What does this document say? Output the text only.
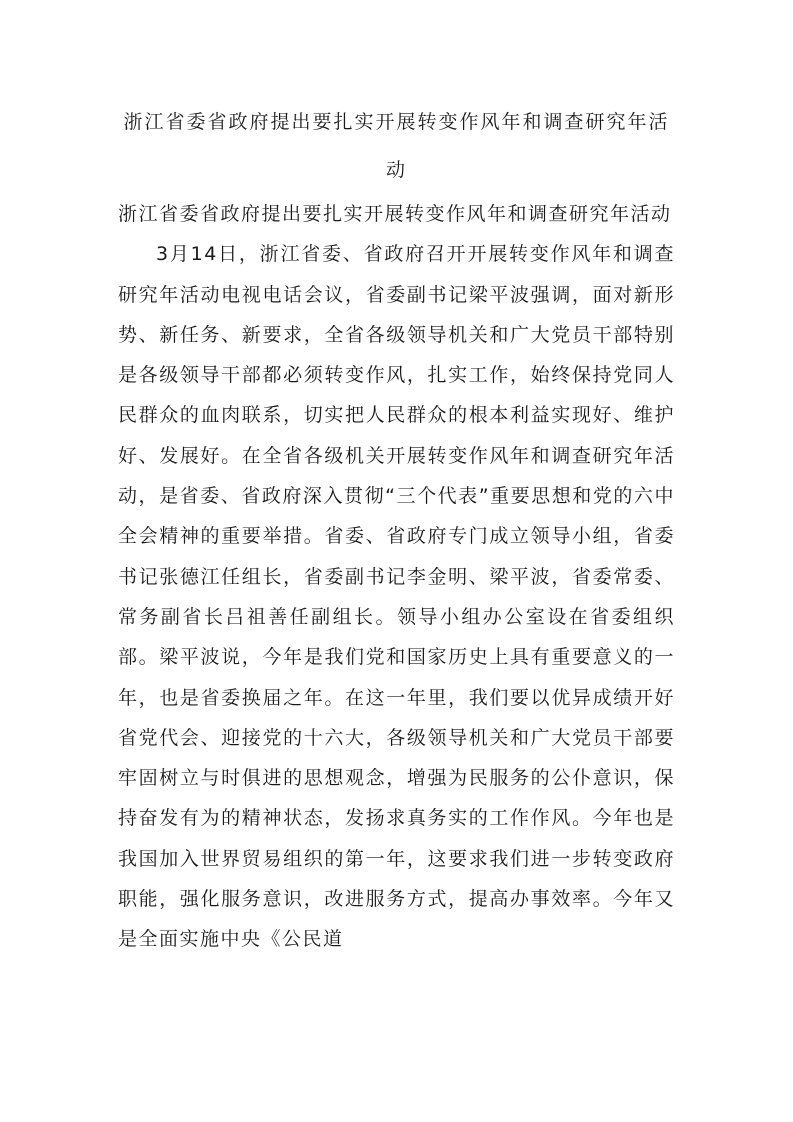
浙江省委省政府提出要扎实开展转变作风年和调查研究年活动

浙江省委省政府提出要扎实开展转变作风年和调查研究年活动

3月14日，浙江省委、省政府召开开展转变作风年和调查研究年活动电视电话会议，省委副书记梁平波强调，面对新形势、新任务、新要求，全省各级领导机关和广大党员干部特别是各级领导干部都必须转变作风，扎实工作，始终保持党同人民群众的血肉联系，切实把人民群众的根本利益实现好、维护好、发展好。在全省各级机关开展转变作风年和调查研究年活动，是省委、省政府深入贯彻“三个代表”重要思想和党的六中全会精神的重要举措。省委、省政府专门成立领导小组，省委书记张德江任组长，省委副书记李金明、梁平波，省委常委、常务副省长吕祖善任副组长。领导小组办公室设在省委组织部。梁平波说，今年是我们党和国家历史上具有重要意义的一年，也是省委换届之年。在这一年里，我们要以优异成绩开好省党代会、迎接党的十六大，各级领导机关和广大党员干部要牢固树立与时俱进的思想观念，增强为民服务的公仆意识，保持奋发有为的精神状态，发扬求真务实的工作作风。今年也是我国加入世界贸易组织的第一年，这要求我们进一步转变政府职能，强化服务意识，改进服务方式，提高办事效率。今年又是全面实施中央《公民道
